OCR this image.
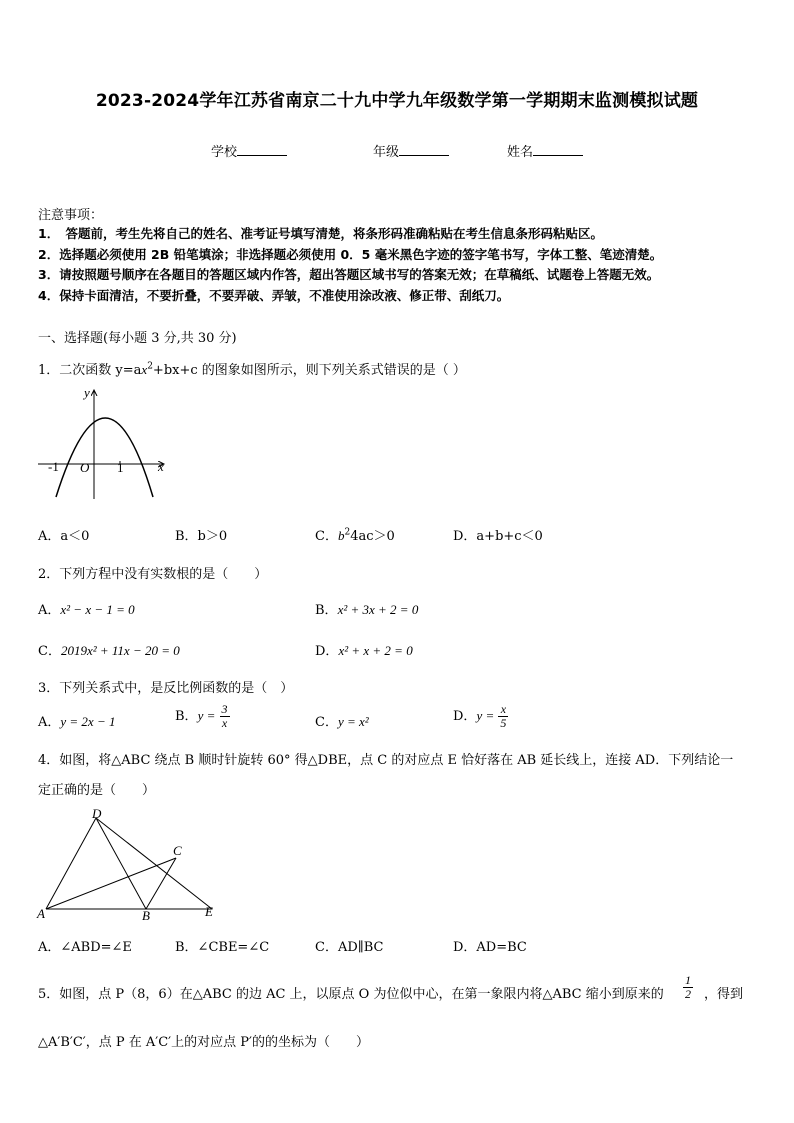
2023-2024学年江苏省南京二十九中学九年级数学第一学期期末监测模拟试题
学校	年级	姓名
注意事项：
1．　答题前，考生先将自己的姓名、准考证号填写清楚，将条形码准确粘贴在考生信息条形码粘贴区。
2．选择题必须使用 2B 铅笔填涂；非选择题必须使用 0．5 毫米黑色字迹的签字笔书写，字体工整、笔迹清楚。
3．请按照题号顺序在各题目的答题区域内作答，超出答题区域书写的答案无效；在草稿纸、试题卷上答题无效。
4．保持卡面清洁，不要折叠，不要弄破、弄皱，不准使用涂改液、修正带、刮纸刀。
一、选择题(每小题 3 分,共 30 分)
1．二次函数 $y=ax^2+bx+c$ 的图象如图所示，则下列关系式错误的是（ ）
y
x
O
-1	1
A．a＜0	B．b＞0	C．$b^24ac>0$	D．a+b+c＜0
2．下列方程中没有实数根的是（　　）
A．x² − x − 1 = 0	B．x² + 3x + 2 = 0
C．2019x² + 11x − 20 = 0	D．x² + x + 2 = 0
3．下列关系式中，是反比例函数的是（　）
A．y = 2x − 1	B．$y = \frac{3}{x}$	C．y = x²	D．$y = \frac{x}{5}$
4．如图，将△ABC 绕点 B 顺时针旋转 60° 得△DBE，点 C 的对应点 E 恰好落在 AB 延长线上，连接 AD．下列结论一
定正确的是（　　）
D
C
A	B	E
A．∠ABD=∠E	B．∠CBE=∠C	C．AD∥BC	D．AD=BC
5．如图，点 P（8，6）在△ABC 的边 AC 上，以原点 O 为位似中心，在第一象限内将△ABC 缩小到原来的 $\frac{1}{2}$ ，得到
△A′B′C′，点 P 在 A′C′上的对应点 P′的的坐标为（　　）
